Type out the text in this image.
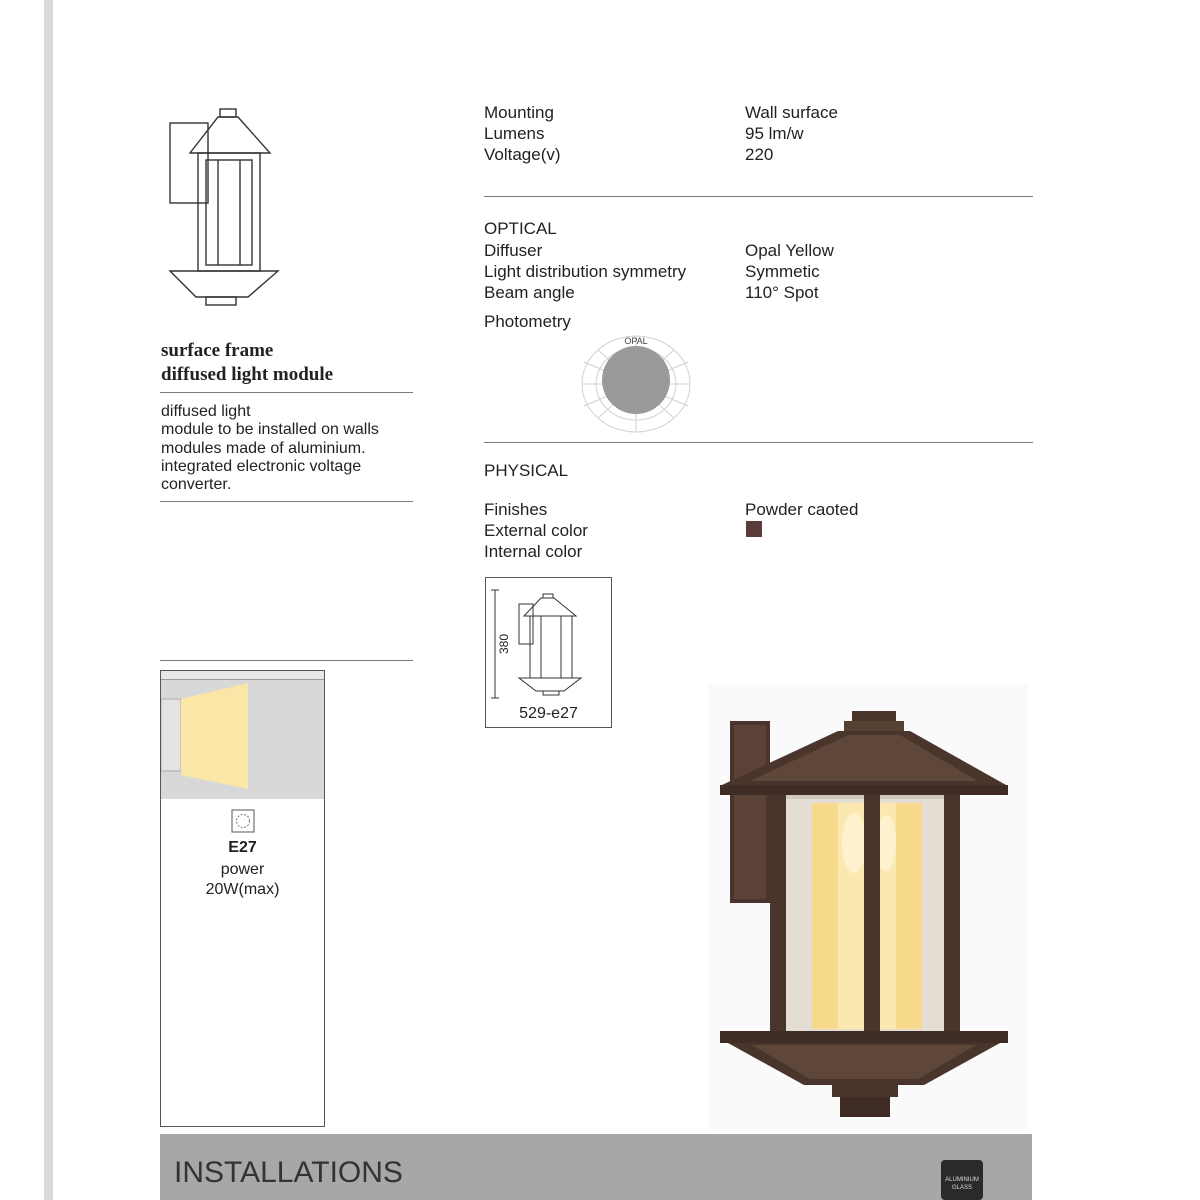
surface frame
diffused light module
diffused light
module to be installed on walls
modules made of aluminium.
integrated electronic voltage
converter.
E27
power
20W(max)
Mounting	Wall surface
Lumens	95 lm/w
Voltage(v)	220
OPTICAL
Diffuser	Opal Yellow
Light distribution symmetry	Symmetic
Beam angle	110° Spot
Photometry
OPAL
PHYSICAL
Finishes	Powder caoted
External color
Internal color
380
529-e27
INSTALLATIONS	ALUMINIUM
GLASS
